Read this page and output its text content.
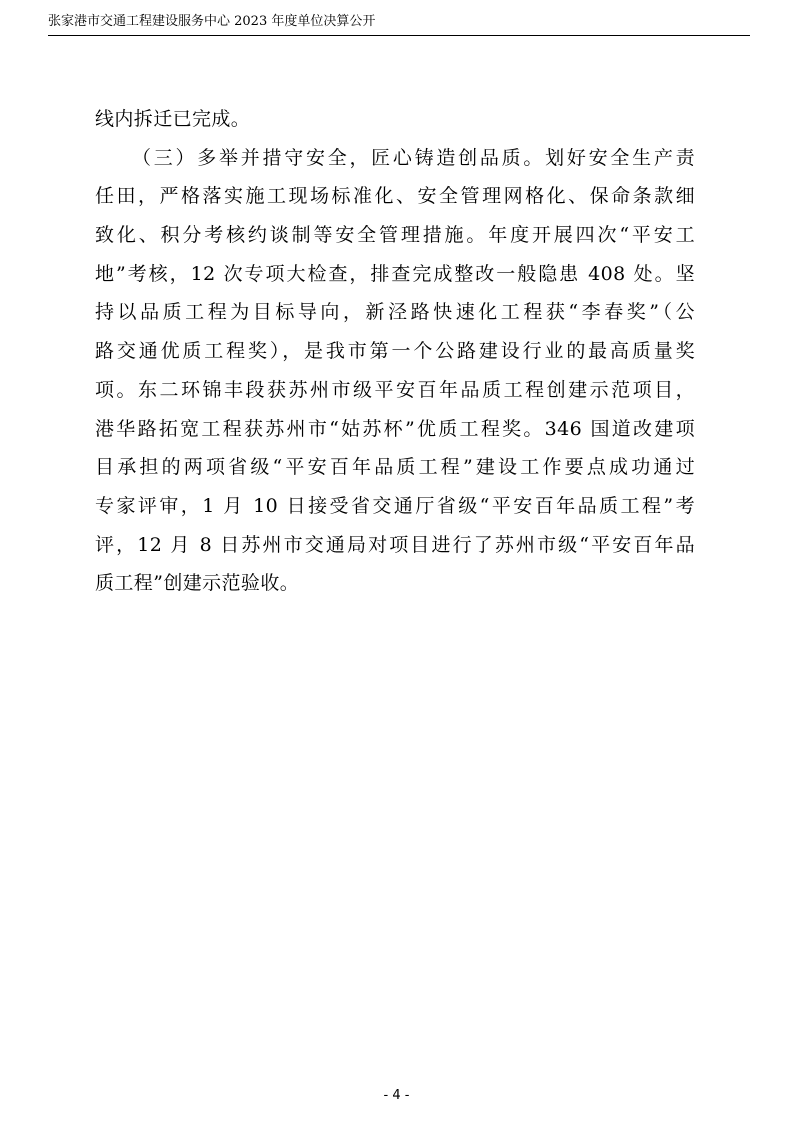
张家港市交通工程建设服务中心 2023 年度单位决算公开
线内拆迁已完成。
（三）多举并措守安全，匠心铸造创品质。划好安全生产责
任田，严格落实施工现场标准化、安全管理网格化、保命条款细
致化、积分考核约谈制等安全管理措施。年度开展四次“平安工
地”考核，12 次专项大检查，排查完成整改一般隐患 408 处。坚
持以品质工程为目标导向，新泾路快速化工程获“李春奖”（公
路交通优质工程奖），是我市第一个公路建设行业的最高质量奖
项。东二环锦丰段获苏州市级平安百年品质工程创建示范项目，
港华路拓宽工程获苏州市“姑苏杯”优质工程奖。346 国道改建项
目承担的两项省级“平安百年品质工程”建设工作要点成功通过
专家评审，1 月 10 日接受省交通厅省级“平安百年品质工程”考
评，12 月 8 日苏州市交通局对项目进行了苏州市级“平安百年品
质工程”创建示范验收。
- 4 -
